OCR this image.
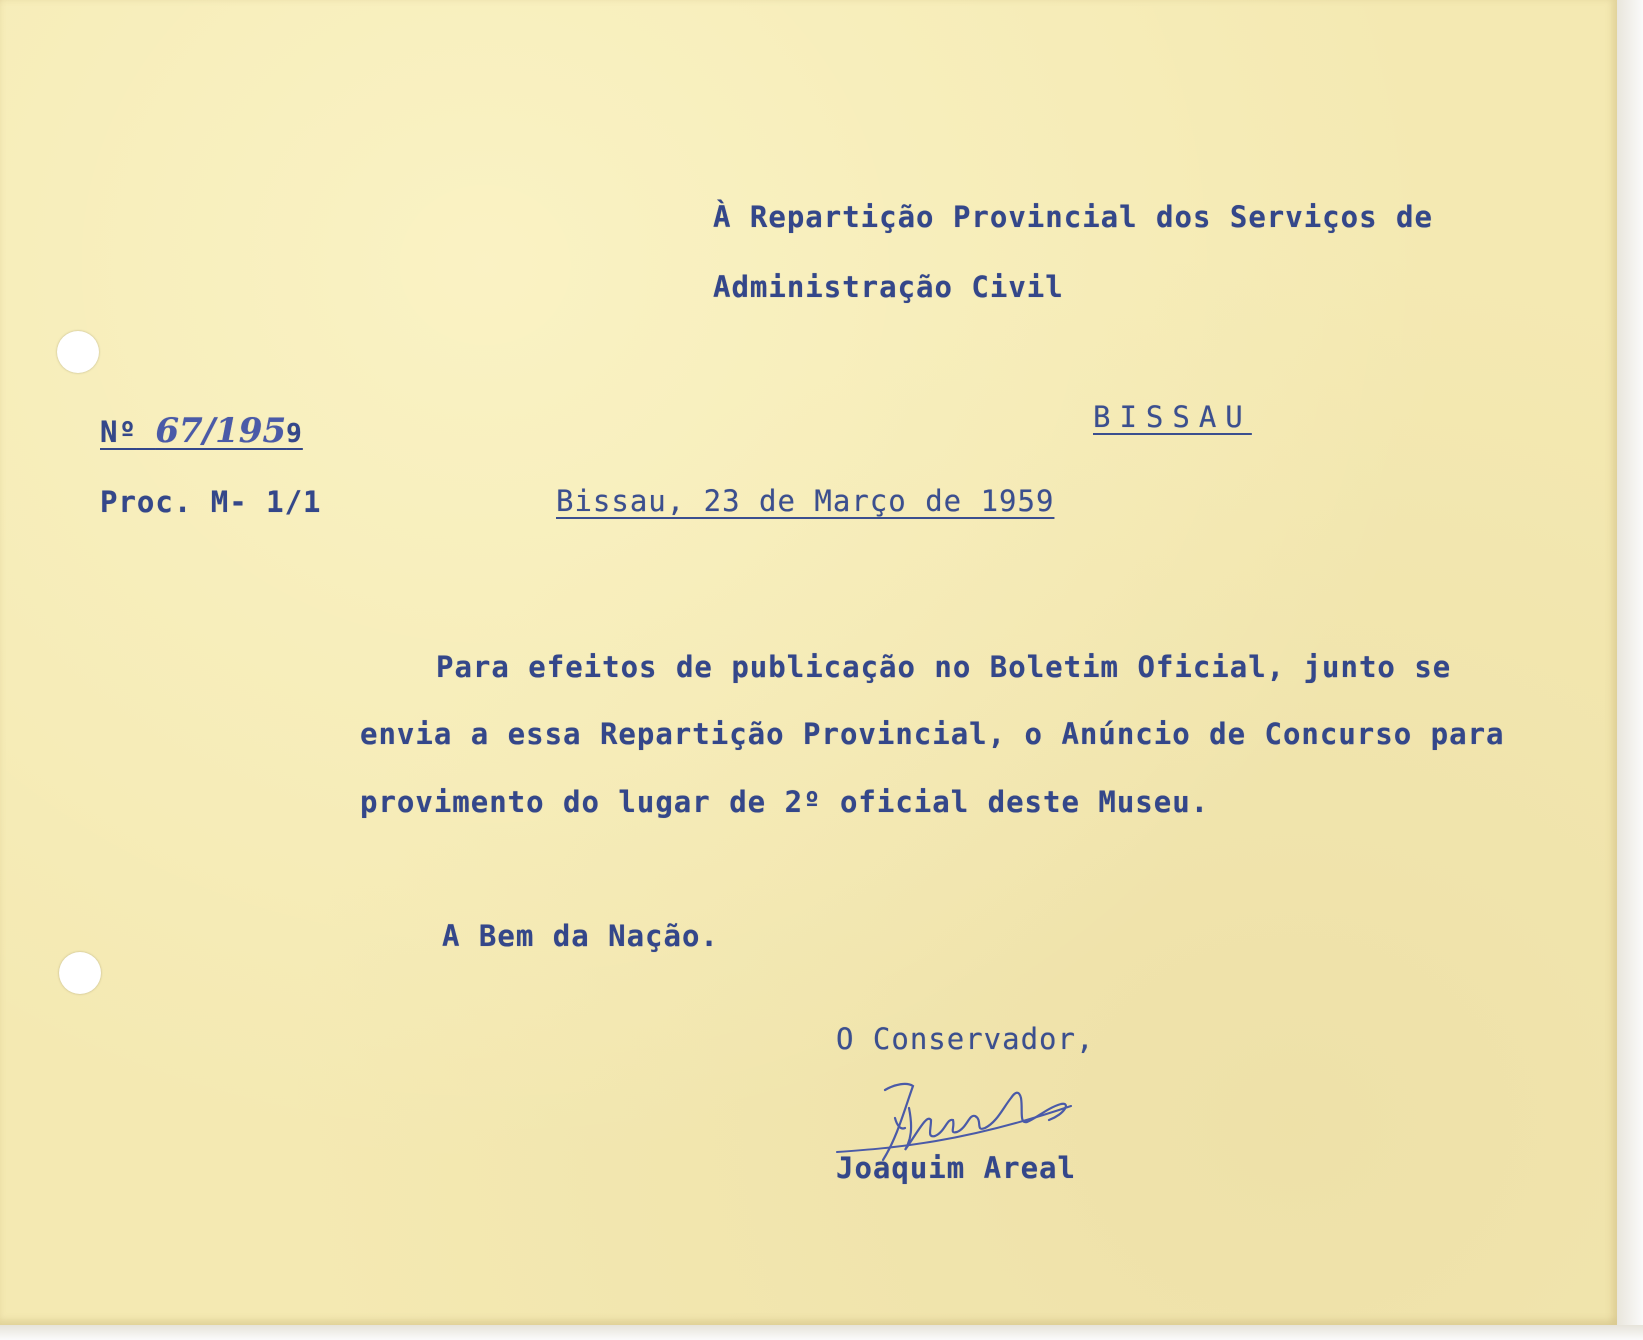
À Repartição Provincial dos Serviços de
Administração Civil
Nº 67/1959	BISSAU
Proc. M- 1/1	Bissau, 23 de Março de 1959
Para efeitos de publicação no Boletim Oficial, junto se
envia a essa Repartição Provincial, o Anúncio de Concurso para
provimento do lugar de 2º oficial deste Museu.
A Bem da Nação.
O Conservador,
Joaquim Areal
